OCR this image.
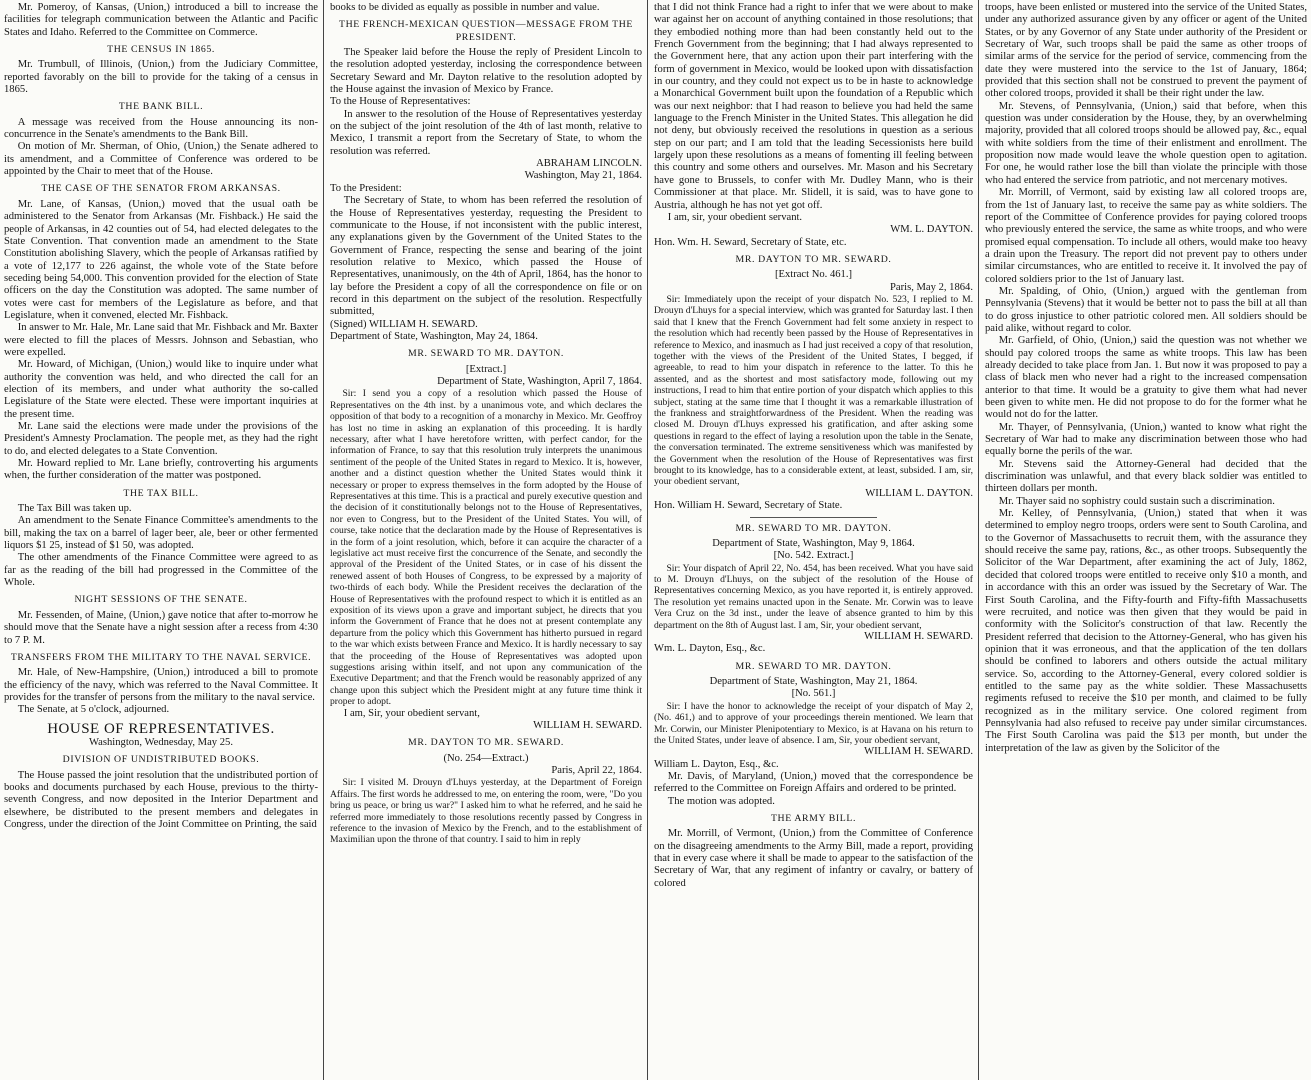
Mr. Pomeroy, of Kansas, (Union,) introduced a bill to increase the facilities for telegraph communication between the Atlantic and Pacific States and Idaho. Referred to the Committee on Commerce.

THE CENSUS IN 1865.

Mr. Trumbull, of Illinois, (Union,) from the Judiciary Committee, reported favorably on the bill to provide for the taking of a census in 1865.

THE BANK BILL.

A message was received from the House announcing its non-concurrence in the Senate's amendments to the Bank Bill.

On motion of Mr. Sherman, of Ohio, (Union,) the Senate adhered to its amendment, and a Committee of Conference was ordered to be appointed by the Chair to meet that of the House.

THE CASE OF THE SENATOR FROM ARKANSAS.

Mr. Lane, of Kansas, (Union,) moved that the usual oath be administered to the Senator from Arkansas (Mr. Fishback.) He said the people of Arkansas, in 42 counties out of 54, had elected delegates to the State Convention. That convention made an amendment to the State Constitution abolishing Slavery, which the people of Arkansas ratified by a vote of 12,177 to 226 against, the whole vote of the State before seceding being 54,000. This convention provided for the election of State officers on the day the Constitution was adopted. The same number of votes were cast for members of the Legislature as before, and that Legislature, when it convened, elected Mr. Fishback.

In answer to Mr. Hale, Mr. Lane said that Mr. Fishback and Mr. Baxter were elected to fill the places of Messrs. Johnson and Sebastian, who were expelled.

Mr. Howard, of Michigan, (Union,) would like to inquire under what authority the convention was held, and who directed the call for an election of its members, and under what authority the so-called Legislature of the State were elected. These were important inquiries at the present time.

Mr. Lane said the elections were made under the provisions of the President's Amnesty Proclamation. The people met, as they had the right to do, and elected delegates to a State Convention.

Mr. Howard replied to Mr. Lane briefly, controverting his arguments when, the further consideration of the matter was postponed.

THE TAX BILL.

The Tax Bill was taken up.

An amendment to the Senate Finance Committee's amendments to the bill, making the tax on a barrel of lager beer, ale, beer or other fermented liquors $1 25, instead of $1 50, was adopted.

The other amendments of the Finance Committee were agreed to as far as the reading of the bill had progressed in the Committee of the Whole.

NIGHT SESSIONS OF THE SENATE.

Mr. Fessenden, of Maine, (Union,) gave notice that after to-morrow he should move that the Senate have a night session after a recess from 4:30 to 7 P. M.

TRANSFERS FROM THE MILITARY TO THE NAVAL SERVICE.

Mr. Hale, of New-Hampshire, (Union,) introduced a bill to promote the efficiency of the navy, which was referred to the Naval Committee. It provides for the transfer of persons from the military to the naval service.

The Senate, at 5 o'clock, adjourned.

HOUSE OF REPRESENTATIVES.

Washington, Wednesday, May 25.

DIVISION OF UNDISTRIBUTED BOOKS.

The House passed the joint resolution that the undistributed portion of books and documents purchased by each House, previous to the thirty-seventh Congress, and now deposited in the Interior Department and elsewhere, be distributed to the present members and delegates in Congress, under the direction of the Joint Committee on Printing, the said

books to be divided as equally as possible in number and value.

THE FRENCH-MEXICAN QUESTION—MESSAGE FROM THE PRESIDENT.

The Speaker laid before the House the reply of President Lincoln to the resolution adopted yesterday, inclosing the correspondence between Secretary Seward and Mr. Dayton relative to the resolution adopted by the House against the invasion of Mexico by France.

To the House of Representatives:

In answer to the resolution of the House of Representatives yesterday on the subject of the joint resolution of the 4th of last month, relative to Mexico, I transmit a report from the Secretary of State, to whom the resolution was referred.

ABRAHAM LINCOLN.

Washington, May 21, 1864.

To the President:

The Secretary of State, to whom has been referred the resolution of the House of Representatives yesterday, requesting the President to communicate to the House, if not inconsistent with the public interest, any explanations given by the Government of the United States to the Government of France, respecting the sense and bearing of the joint resolution relative to Mexico, which passed the House of Representatives, unanimously, on the 4th of April, 1864, has the honor to lay before the President a copy of all the correspondence on file or on record in this department on the subject of the resolution. Respectfully submitted,

(Signed) WILLIAM H. SEWARD.

Department of State, Washington, May 24, 1864.

MR. SEWARD TO MR. DAYTON.

[Extract.]

Department of State, Washington, April 7, 1864.

Sir: I send you a copy of a resolution which passed the House of Representatives on the 4th inst. by a unanimous vote, and which declares the opposition of that body to a recognition of a monarchy in Mexico. Mr. Geoffroy has lost no time in asking an explanation of this proceeding. It is hardly necessary, after what I have heretofore written, with perfect candor, for the information of France, to say that this resolution truly interprets the unanimous sentiment of the people of the United States in regard to Mexico. It is, however, another and a distinct question whether the United States would think it necessary or proper to express themselves in the form adopted by the House of Representatives at this time. This is a practical and purely executive question and the decision of it constitutionally belongs not to the House of Representatives, nor even to Congress, but to the President of the United States. You will, of course, take notice that the declaration made by the House of Representatives is in the form of a joint resolution, which, before it can acquire the character of a legislative act must receive first the concurrence of the Senate, and secondly the approval of the President of the United States, or in case of his dissent the renewed assent of both Houses of Congress, to be expressed by a majority of two-thirds of each body. While the President receives the declaration of the House of Representatives with the profound respect to which it is entitled as an exposition of its views upon a grave and important subject, he directs that you inform the Government of France that he does not at present contemplate any departure from the policy which this Government has hitherto pursued in regard to the war which exists between France and Mexico. It is hardly necessary to say that the proceeding of the House of Representatives was adopted upon suggestions arising within itself, and not upon any communication of the Executive Department; and that the French would be reasonably apprized of any change upon this subject which the President might at any future time think it proper to adopt.

I am, Sir, your obedient servant,

WILLIAM H. SEWARD.

MR. DAYTON TO MR. SEWARD.

(No. 254—Extract.)

Paris, April 22, 1864.

Sir: I visited M. Drouyn d'Lhuys yesterday, at the Department of Foreign Affairs. The first words he addressed to me, on entering the room, were, "Do you bring us peace, or bring us war?" I asked him to what he referred, and he said he referred more immediately to those resolutions recently passed by Congress in reference to the invasion of Mexico by the French, and to the establishment of Maximilian upon the throne of that country. I said to him in reply

that I did not think France had a right to infer that we were about to make war against her on account of anything contained in those resolutions; that they embodied nothing more than had been constantly held out to the French Government from the beginning; that I had always represented to the Government here, that any action upon their part interfering with the form of government in Mexico, would be looked upon with dissatisfaction in our country, and they could not expect us to be in haste to acknowledge a Monarchical Government built upon the foundation of a Republic which was our next neighbor: that I had reason to believe you had held the same language to the French Minister in the United States. This allegation he did not deny, but obviously received the resolutions in question as a serious step on our part; and I am told that the leading Secessionists here build largely upon these resolutions as a means of fomenting ill feeling between this country and some others and ourselves. Mr. Mason and his Secretary have gone to Brussels, to confer with Mr. Dudley Mann, who is their Commissioner at that place. Mr. Slidell, it is said, was to have gone to Austria, although he has not yet got off.

I am, sir, your obedient servant.

WM. L. DAYTON.

Hon. Wm. H. Seward, Secretary of State, etc.

MR. DAYTON TO MR. SEWARD.

[Extract No. 461.]

Paris, May 2, 1864.

Sir: Immediately upon the receipt of your dispatch No. 523, I replied to M. Drouyn d'Lhuys for a special interview, which was granted for Saturday last. I then said that I knew that the French Government had felt some anxiety in respect to the resolution which had recently been passed by the House of Representatives in reference to Mexico, and inasmuch as I had just received a copy of that resolution, together with the views of the President of the United States, I begged, if agreeable, to read to him your dispatch in reference to the latter. To this he assented, and as the shortest and most satisfactory mode, following out my instructions, I read to him that entire portion of your dispatch which applies to this subject, stating at the same time that I thought it was a remarkable illustration of the frankness and straightforwardness of the President. When the reading was closed M. Drouyn d'Lhuys expressed his gratification, and after asking some questions in regard to the effect of laying a resolution upon the table in the Senate, the conversation terminated. The extreme sensitiveness which was manifested by the Government when the resolution of the House of Representatives was first brought to its knowledge, has to a considerable extent, at least, subsided. I am, sir, your obedient servant,

WILLIAM L. DAYTON.

Hon. William H. Seward, Secretary of State.

MR. SEWARD TO MR. DAYTON.

Department of State, Washington, May 9, 1864.

[No. 542. Extract.]

Sir: Your dispatch of April 22, No. 454, has been received. What you have said to M. Drouyn d'Lhuys, on the subject of the resolution of the House of Representatives concerning Mexico, as you have reported it, is entirely approved. The resolution yet remains unacted upon in the Senate. Mr. Corwin was to leave Vera Cruz on the 3d inst., under the leave of absence granted to him by this department on the 8th of August last. I am, Sir, your obedient servant,

WILLIAM H. SEWARD.

Wm. L. Dayton, Esq., &c.

MR. SEWARD TO MR. DAYTON.

Department of State, Washington, May 21, 1864.

[No. 561.]

Sir: I have the honor to acknowledge the receipt of your dispatch of May 2, (No. 461,) and to approve of your proceedings therein mentioned. We learn that Mr. Corwin, our Minister Plenipotentiary to Mexico, is at Havana on his return to the United States, under leave of absence. I am, Sir, your obedient servant,

WILLIAM H. SEWARD.

William L. Dayton, Esq., &c.

Mr. Davis, of Maryland, (Union,) moved that the correspondence be referred to the Committee on Foreign Affairs and ordered to be printed.

The motion was adopted.

THE ARMY BILL.

Mr. Morrill, of Vermont, (Union,) from the Committee of Conference on the disagreeing amendments to the Army Bill, made a report, providing that in every case where it shall be made to appear to the satisfaction of the Secretary of War, that any regiment of infantry or cavalry, or battery of colored

troops, have been enlisted or mustered into the service of the United States, under any authorized assurance given by any officer or agent of the United States, or by any Governor of any State under authority of the President or Secretary of War, such troops shall be paid the same as other troops of similar arms of the service for the period of service, commencing from the date they were mustered into the service to the 1st of January, 1864; provided that this section shall not be construed to prevent the payment of other colored troops, provided it shall be their right under the law.

Mr. Stevens, of Pennsylvania, (Union,) said that before, when this question was under consideration by the House, they, by an overwhelming majority, provided that all colored troops should be allowed pay, &c., equal with white soldiers from the time of their enlistment and enrollment. The proposition now made would leave the whole question open to agitation. For one, he would rather lose the bill than violate the principle with those who had entered the service from patriotic, and not mercenary motives.

Mr. Morrill, of Vermont, said by existing law all colored troops are, from the 1st of January last, to receive the same pay as white soldiers. The report of the Committee of Conference provides for paying colored troops who previously entered the service, the same as white troops, and who were promised equal compensation. To include all others, would make too heavy a drain upon the Treasury. The report did not prevent pay to others under similar circumstances, who are entitled to receive it. It involved the pay of colored soldiers prior to the 1st of January last.

Mr. Spalding, of Ohio, (Union,) argued with the gentleman from Pennsylvania (Stevens) that it would be better not to pass the bill at all than to do gross injustice to other patriotic colored men. All soldiers should be paid alike, without regard to color.

Mr. Garfield, of Ohio, (Union,) said the question was not whether we should pay colored troops the same as white troops. This law has been already decided to take place from Jan. 1. But now it was proposed to pay a class of black men who never had a right to the increased compensation anterior to that time. It would be a gratuity to give them what had never been given to white men. He did not propose to do for the former what he would not do for the latter.

Mr. Thayer, of Pennsylvania, (Union,) wanted to know what right the Secretary of War had to make any discrimination between those who had equally borne the perils of the war.

Mr. Stevens said the Attorney-General had decided that the discrimination was unlawful, and that every black soldier was entitled to thirteen dollars per month.

Mr. Thayer said no sophistry could sustain such a discrimination.

Mr. Kelley, of Pennsylvania, (Union,) stated that when it was determined to employ negro troops, orders were sent to South Carolina, and to the Governor of Massachusetts to recruit them, with the assurance they should receive the same pay, rations, &c., as other troops. Subsequently the Solicitor of the War Department, after examining the act of July, 1862, decided that colored troops were entitled to receive only $10 a month, and in accordance with this an order was issued by the Secretary of War. The First South Carolina, and the Fifty-fourth and Fifty-fifth Massachusetts were recruited, and notice was then given that they would be paid in conformity with the Solicitor's construction of that law. Recently the President referred that decision to the Attorney-General, who has given his opinion that it was erroneous, and that the application of the ten dollars should be confined to laborers and others outside the actual military service. So, according to the Attorney-General, every colored soldier is entitled to the same pay as the white soldier. These Massachusetts regiments refused to receive the $10 per month, and claimed to be fully recognized as in the military service. One colored regiment from Pennsylvania had also refused to receive pay under similar circumstances. The First South Carolina was paid the $13 per month, but under the interpretation of the law as given by the Solicitor of the
